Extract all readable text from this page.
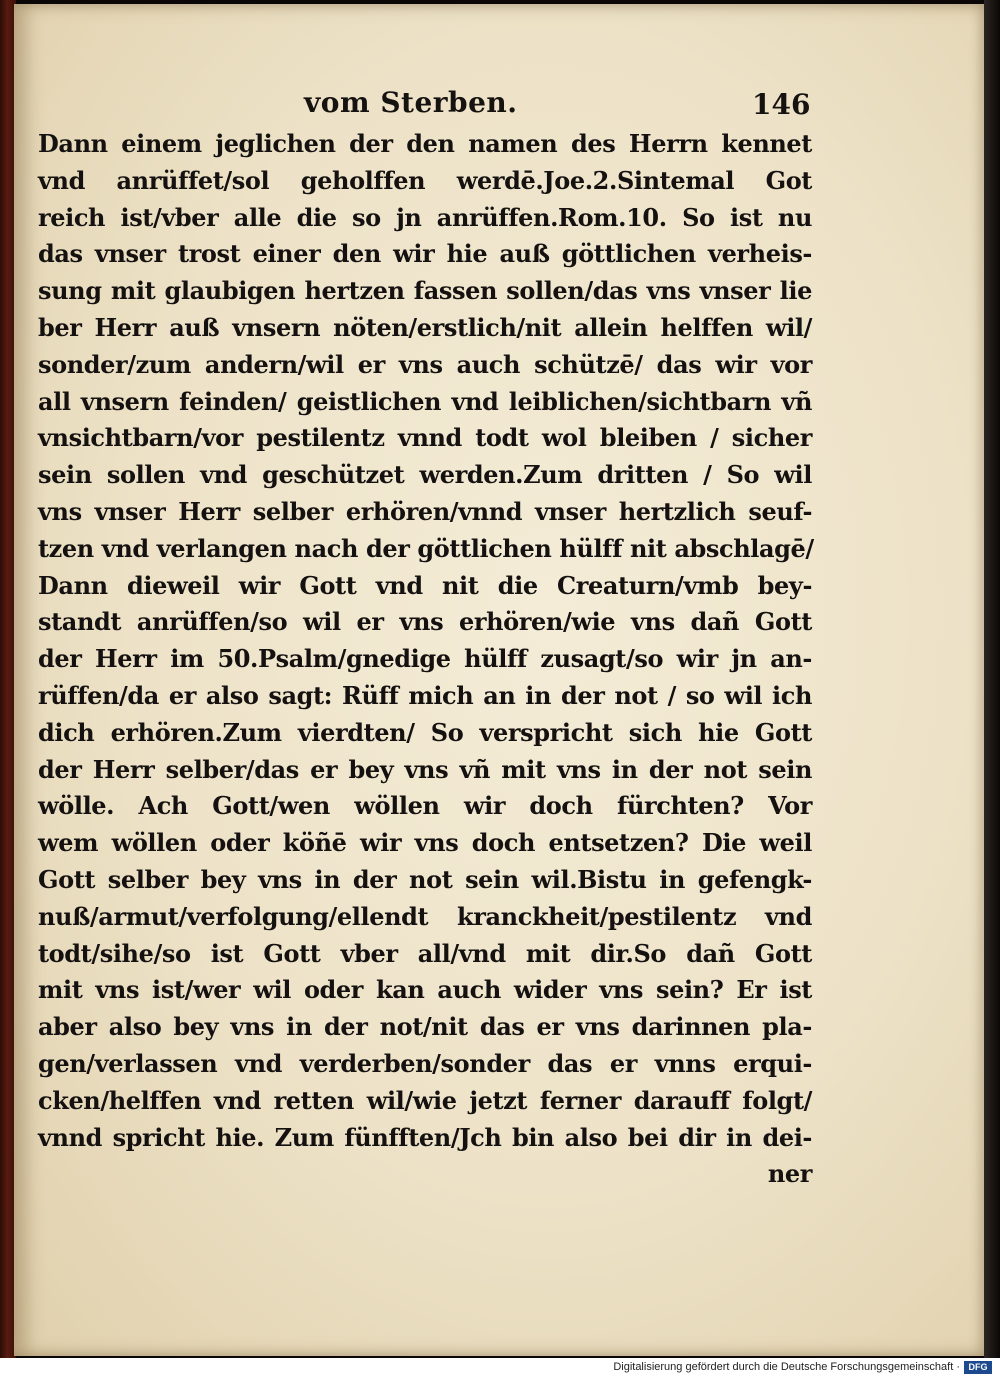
vom Sterben.	146
Dann einem jeglichen der den namen des Herrn kennet
vnd anrüffet/sol geholffen werdē.Joe.2.Sintemal Got
reich ist/vber alle die so jn anrüffen.Rom.10. So ist nu
das vnser trost einer den wir hie auß göttlichen verheis-
sung mit glaubigen hertzen fassen sollen/das vns vnser lie
ber Herr auß vnsern nöten/erstlich/nit allein helffen wil/
sonder/zum andern/wil er vns auch schützē/ das wir vor
all vnsern feinden/ geistlichen vnd leiblichen/sichtbarn vñ
vnsichtbarn/vor pestilentz vnnd todt wol bleiben / sicher
sein sollen vnd geschützet werden.Zum dritten / So wil
vns vnser Herr selber erhören/vnnd vnser hertzlich seuf-
tzen vnd verlangen nach der göttlichen hülff nit abschlagē/
Dann dieweil wir Gott vnd nit die Creaturn/vmb bey-
standt anrüffen/so wil er vns erhören/wie vns dañ Gott
der Herr im 50.Psalm/gnedige hülff zusagt/so wir jn an-
rüffen/da er also sagt: Rüff mich an in der not / so wil ich
dich erhören.Zum vierdten/ So verspricht sich hie Gott
der Herr selber/das er bey vns vñ mit vns in der not sein
wölle. Ach Gott/wen wöllen wir doch fürchten? Vor
wem wöllen oder köñē wir vns doch entsetzen? Die weil
Gott selber bey vns in der not sein wil.Bistu in gefengk-
nuß/armut/verfolgung/ellendt kranckheit/pestilentz vnd
todt/sihe/so ist Gott vber all/vnd mit dir.So dañ Gott
mit vns ist/wer wil oder kan auch wider vns sein? Er ist
aber also bey vns in der not/nit das er vns darinnen pla-
gen/verlassen vnd verderben/sonder das er vnns erqui-
cken/helffen vnd retten wil/wie jetzt ferner darauff folgt/
vnnd spricht hie. Zum fünfften/Jch bin also bei dir in dei-
ner
Digitalisierung gefördert durch die Deutsche Forschungsgemeinschaft · DFG
